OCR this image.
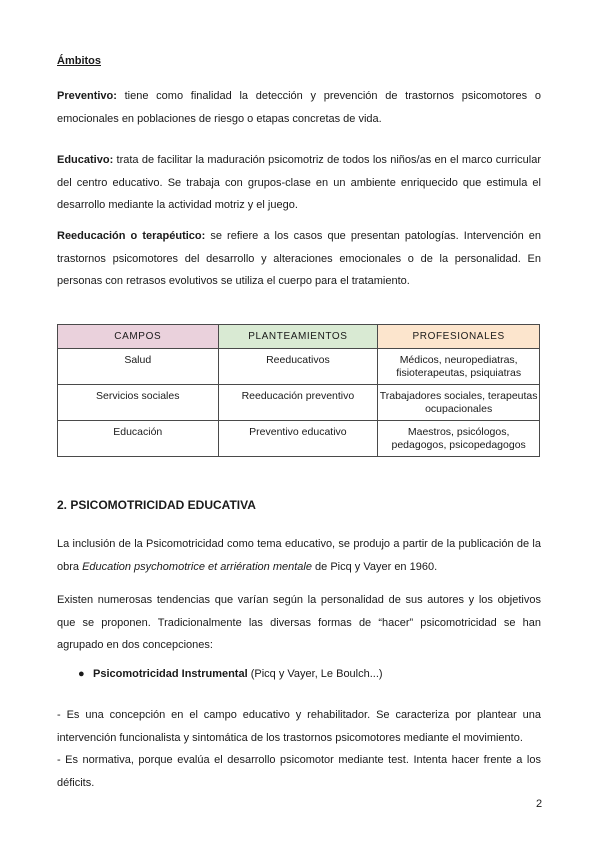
Ámbitos
Preventivo: tiene como finalidad la detección y prevención de trastornos psicomotores o emocionales en poblaciones de riesgo o etapas concretas de vida.
Educativo: trata de facilitar la maduración psicomotriz de todos los niños/as en el marco curricular del centro educativo. Se trabaja con grupos-clase en un ambiente enriquecido que estimula el desarrollo mediante la actividad motriz y el juego.
Reeducación o terapéutico: se refiere a los casos que presentan patologías. Intervención en trastornos psicomotores del desarrollo y alteraciones emocionales o de la personalidad. En personas con retrasos evolutivos se utiliza el cuerpo para el tratamiento.
CAMPOS	PLANTEAMIENTOS	PROFESIONALES
Salud	Reeducativos	Médicos, neuropediatras, fisioterapeutas, psiquiatras
Servicios sociales	Reeducación preventivo	Trabajadores sociales, terapeutas ocupacionales
Educación	Preventivo educativo	Maestros, psicólogos, pedagogos, psicopedagogos
2. PSICOMOTRICIDAD EDUCATIVA
La inclusión de la Psicomotricidad como tema educativo, se produjo a partir de la publicación de la obra Education psychomotrice et arriération mentale de Picq y Vayer en 1960.
Existen numerosas tendencias que varían según la personalidad de sus autores y los objetivos que se proponen. Tradicionalmente las diversas formas de “hacer” psicomotricidad se han agrupado en dos concepciones:
● Psicomotricidad Instrumental (Picq y Vayer, Le Boulch...)
- Es una concepción en el campo educativo y rehabilitador. Se caracteriza por plantear una intervención funcionalista y sintomática de los trastornos psicomotores mediante el movimiento.
- Es normativa, porque evalúa el desarrollo psicomotor mediante test. Intenta hacer frente a los déficits.
2
